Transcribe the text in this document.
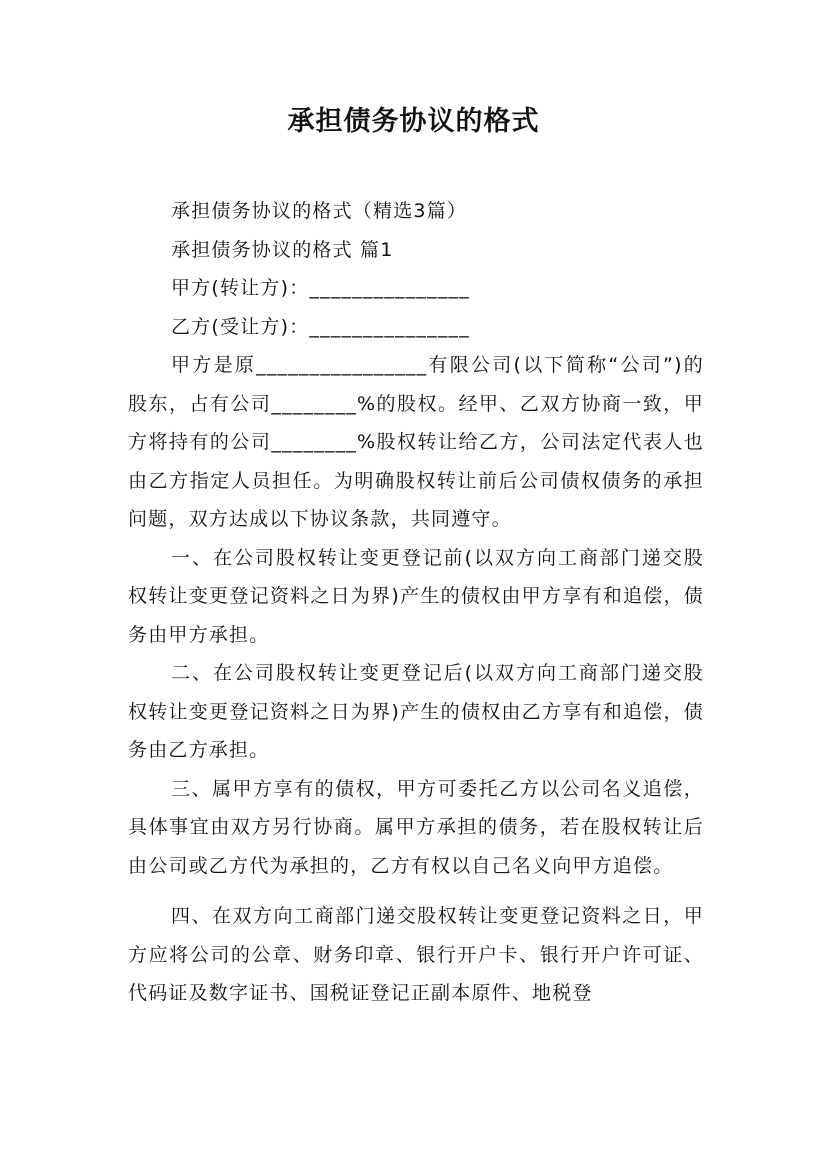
承担债务协议的格式

承担债务协议的格式（精选3篇）

承担债务协议的格式 篇1

甲方(转让方)：_______________

乙方(受让方)：_______________

甲方是原________________有限公司(以下简称“公司”)的股东，占有公司________%的股权。经甲、乙双方协商一致，甲方将持有的公司________%股权转让给乙方，公司法定代表人也由乙方指定人员担任。为明确股权转让前后公司债权债务的承担问题，双方达成以下协议条款，共同遵守。

一、在公司股权转让变更登记前(以双方向工商部门递交股权转让变更登记资料之日为界)产生的债权由甲方享有和追偿，债务由甲方承担。

二、在公司股权转让变更登记后(以双方向工商部门递交股权转让变更登记资料之日为界)产生的债权由乙方享有和追偿，债务由乙方承担。

三、属甲方享有的债权，甲方可委托乙方以公司名义追偿，具体事宜由双方另行协商。属甲方承担的债务，若在股权转让后由公司或乙方代为承担的，乙方有权以自己名义向甲方追偿。

四、在双方向工商部门递交股权转让变更登记资料之日，甲方应将公司的公章、财务印章、银行开户卡、银行开户许可证、代码证及数字证书、国税证登记正副本原件、地税登
